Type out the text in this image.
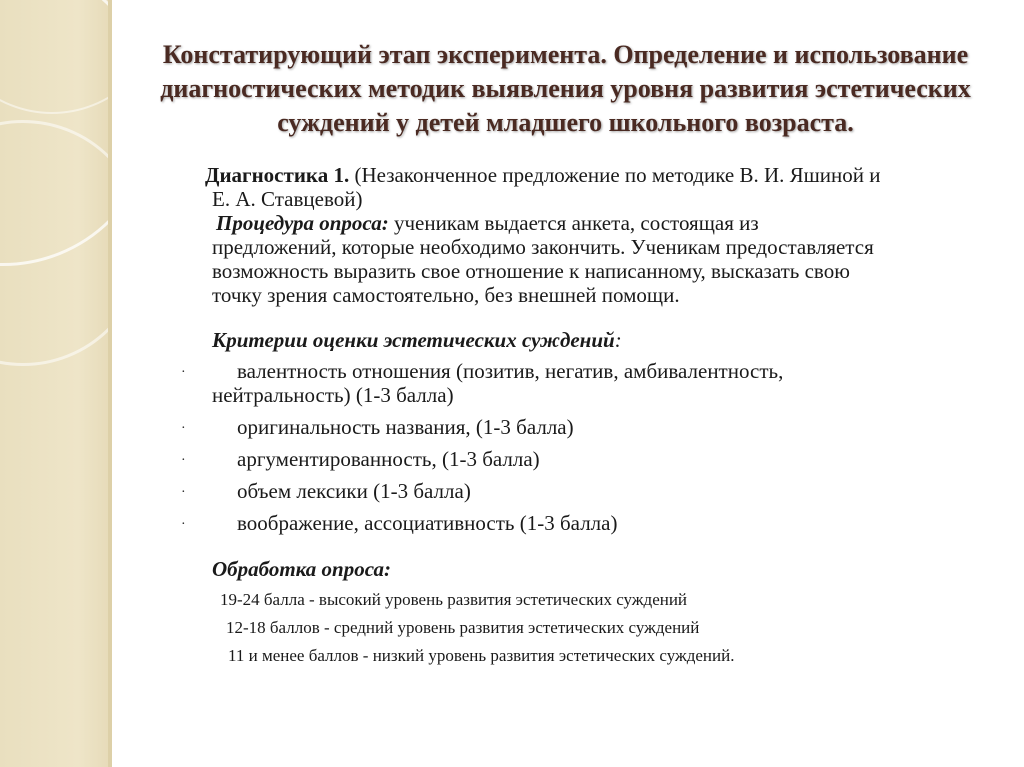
Констатирующий этап эксперимента. Определение и использование диагностических методик выявления уровня развития эстетических суждений у детей младшего школьного возраста.
Диагностика 1. (Незаконченное предложение по методике В. И. Яшиной и
Е. А. Ставцевой)
Процедура опроса: ученикам выдается анкета, состоящая из
предложений, которые необходимо закончить. Ученикам предоставляется
возможность выразить свое отношение к написанному, высказать свою
точку зрения самостоятельно, без внешней помощи.
Критерии оценки эстетических суждений:
· валентность отношения (позитив, негатив, амбивалентность,
нейтральность) (1-3 балла)
· оригинальность названия, (1-3 балла)
· аргументированность, (1-3 балла)
· объем лексики (1-3 балла)
· воображение, ассоциативность (1-3 балла)
Обработка опроса:
19-24 балла - высокий уровень развития эстетических суждений
12-18 баллов - средний уровень развития эстетических суждений
11 и менее баллов - низкий уровень развития эстетических суждений.
